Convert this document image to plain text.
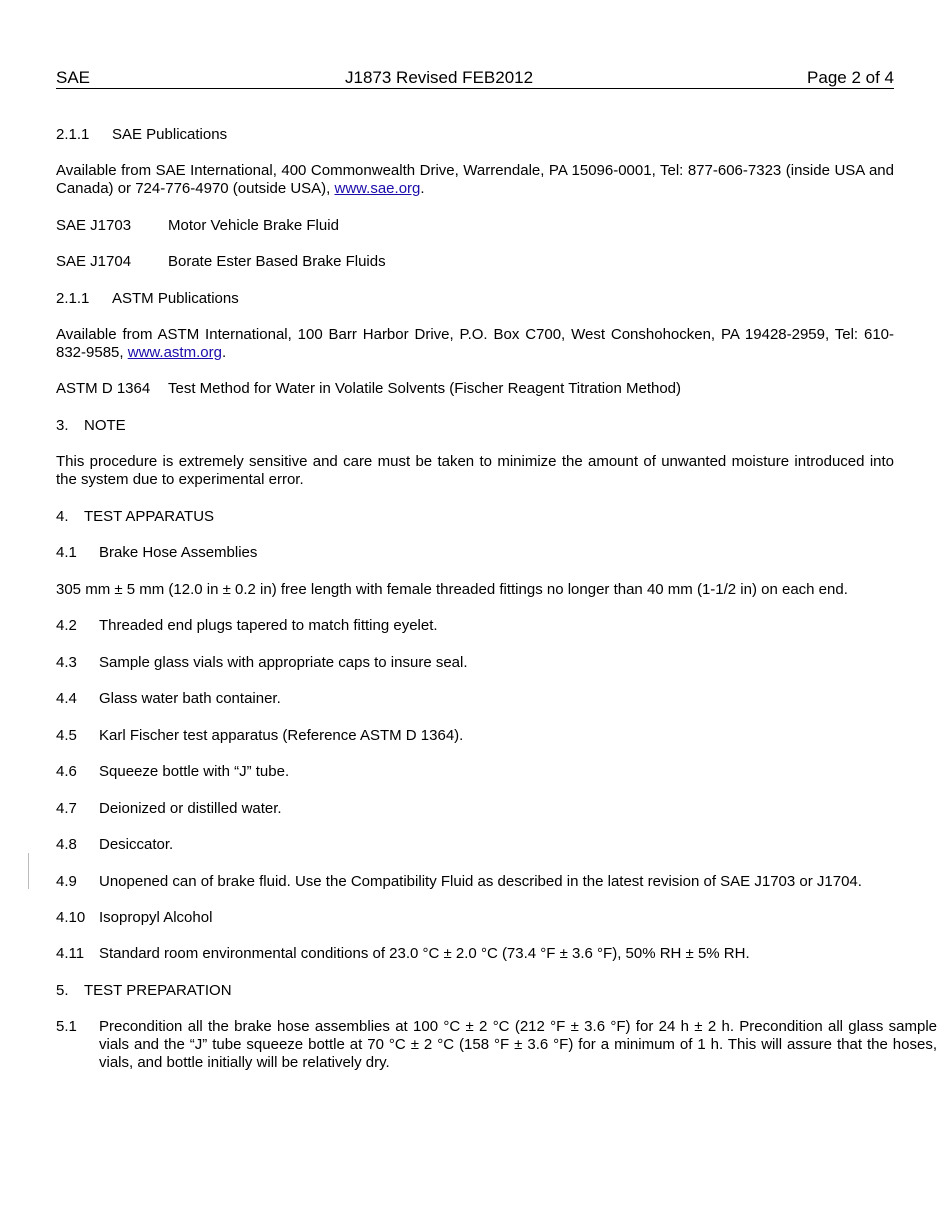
SAE	J1873 Revised FEB2012	Page 2 of 4
2.1.1 SAE Publications
Available from SAE International, 400 Commonwealth Drive, Warrendale, PA 15096-0001, Tel: 877-606-7323 (inside USA and Canada) or 724-776-4970 (outside USA), www.sae.org.
SAE J1703 Motor Vehicle Brake Fluid
SAE J1704 Borate Ester Based Brake Fluids
2.1.1 ASTM Publications
Available from ASTM International, 100 Barr Harbor Drive, P.O. Box C700, West Conshohocken, PA 19428-2959, Tel: 610-832-9585, www.astm.org.
ASTM D 1364 Test Method for Water in Volatile Solvents (Fischer Reagent Titration Method)
3. NOTE
This procedure is extremely sensitive and care must be taken to minimize the amount of unwanted moisture introduced into the system due to experimental error.
4. TEST APPARATUS
4.1 Brake Hose Assemblies
305 mm ± 5 mm (12.0 in ± 0.2 in) free length with female threaded fittings no longer than 40 mm (1-1/2 in) on each end.
4.2 Threaded end plugs tapered to match fitting eyelet.
4.3 Sample glass vials with appropriate caps to insure seal.
4.4 Glass water bath container.
4.5 Karl Fischer test apparatus (Reference ASTM D 1364).
4.6 Squeeze bottle with “J” tube.
4.7 Deionized or distilled water.
4.8 Desiccator.
4.9 Unopened can of brake fluid. Use the Compatibility Fluid as described in the latest revision of SAE J1703 or J1704.
4.10 Isopropyl Alcohol
4.11 Standard room environmental conditions of 23.0 °C ± 2.0 °C (73.4 °F ± 3.6 °F), 50% RH ± 5% RH.
5. TEST PREPARATION
5.1 Precondition all the brake hose assemblies at 100 °C ± 2 °C (212 °F ± 3.6 °F) for 24 h ± 2 h. Precondition all glass sample vials and the “J” tube squeeze bottle at 70 °C ± 2 °C (158 °F ± 3.6 °F) for a minimum of 1 h. This will assure that the hoses, vials, and bottle initially will be relatively dry.
